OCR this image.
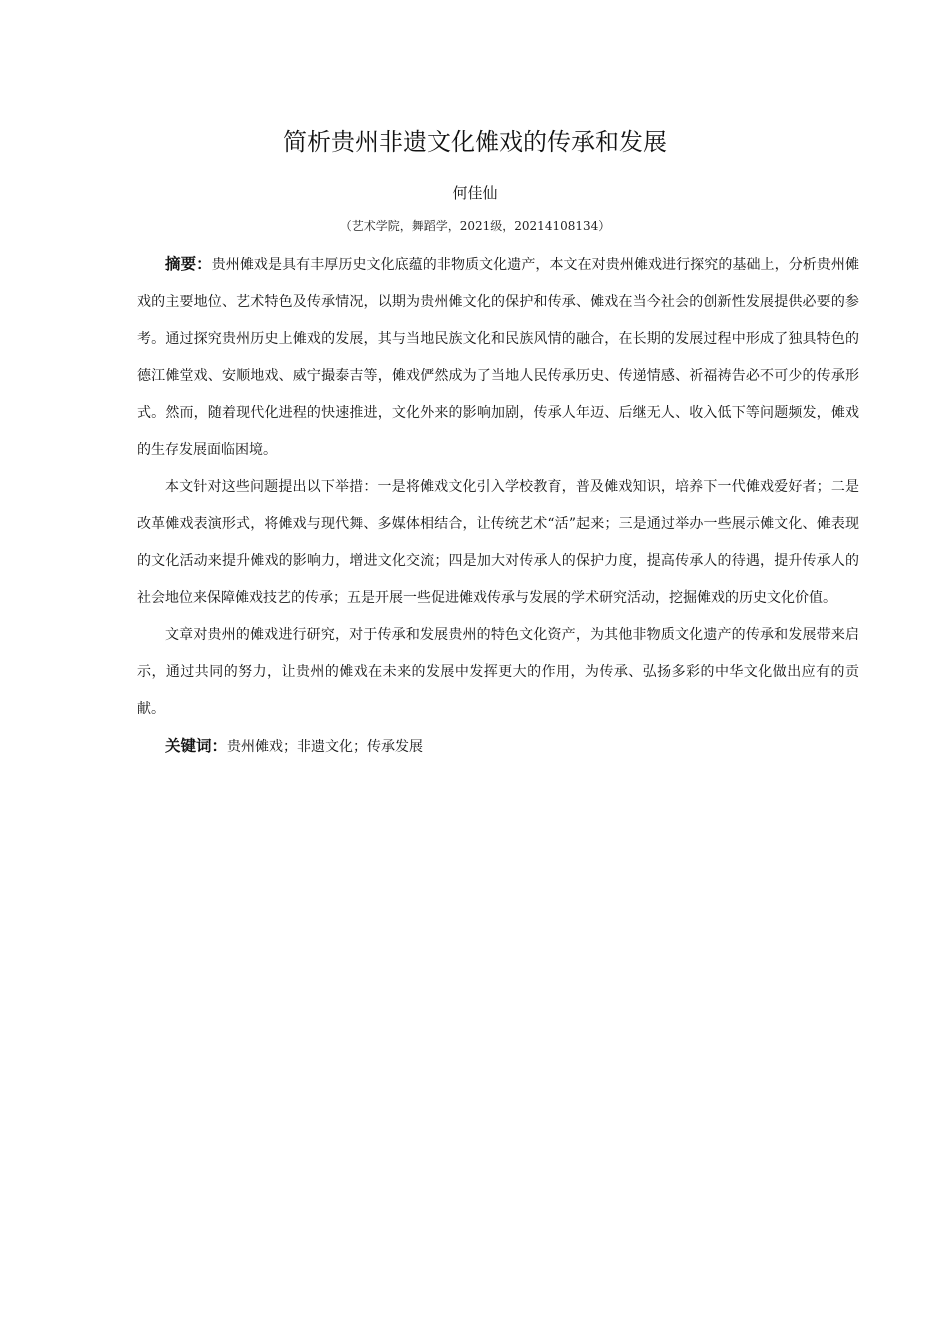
简析贵州非遗文化傩戏的传承和发展
何佳仙
（艺术学院，舞蹈学，2021级，20214108134）

摘要：贵州傩戏是具有丰厚历史文化底蕴的非物质文化遗产，本文在对贵州傩戏进行探究的基础上，分析贵州傩戏的主要地位、艺术特色及传承情况，以期为贵州傩文化的保护和传承、傩戏在当今社会的创新性发展提供必要的参考。通过探究贵州历史上傩戏的发展，其与当地民族文化和民族风情的融合，在长期的发展过程中形成了独具特色的德江傩堂戏、安顺地戏、威宁撮泰吉等，傩戏俨然成为了当地人民传承历史、传递情感、祈福祷告必不可少的传承形式。然而，随着现代化进程的快速推进，文化外来的影响加剧，传承人年迈、后继无人、收入低下等问题频发，傩戏的生存发展面临困境。

本文针对这些问题提出以下举措：一是将傩戏文化引入学校教育，普及傩戏知识，培养下一代傩戏爱好者；二是改革傩戏表演形式，将傩戏与现代舞、多媒体相结合，让传统艺术“活”起来；三是通过举办一些展示傩文化、傩表现的文化活动来提升傩戏的影响力，增进文化交流；四是加大对传承人的保护力度，提高传承人的待遇，提升传承人的社会地位来保障傩戏技艺的传承；五是开展一些促进傩戏传承与发展的学术研究活动，挖掘傩戏的历史文化价值。

文章对贵州的傩戏进行研究，对于传承和发展贵州的特色文化资产，为其他非物质文化遗产的传承和发展带来启示，通过共同的努力，让贵州的傩戏在未来的发展中发挥更大的作用，为传承、弘扬多彩的中华文化做出应有的贡献。

关键词：贵州傩戏；非遗文化；传承发展
